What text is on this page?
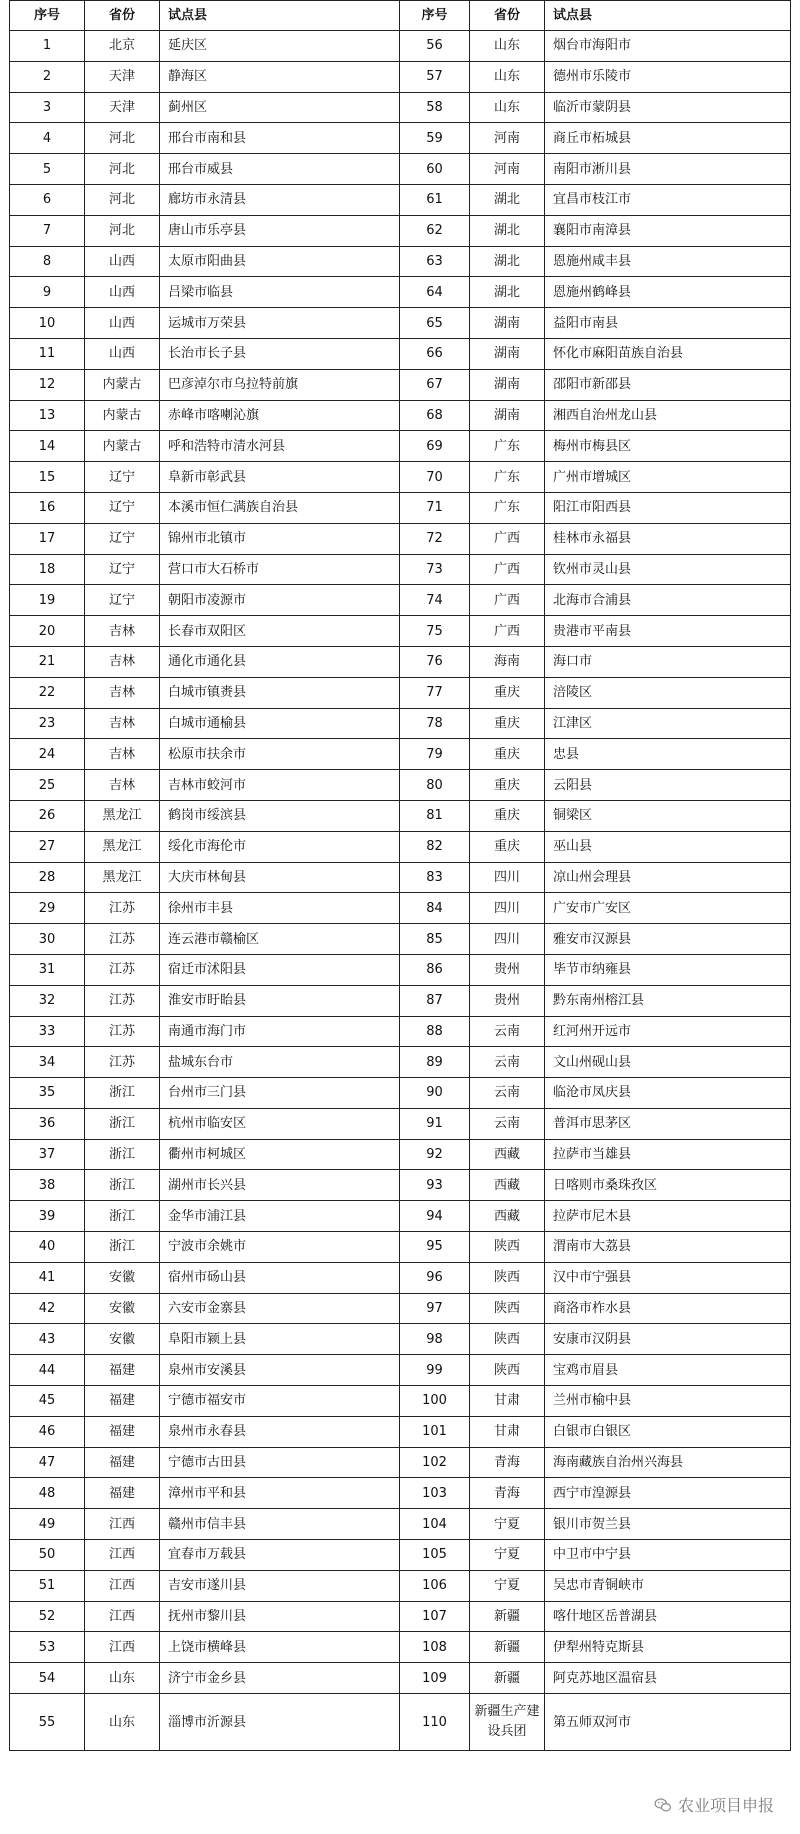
序号	省份	试点县	序号	省份	试点县
1	北京	延庆区	56	山东	烟台市海阳市
2	天津	静海区	57	山东	德州市乐陵市
3	天津	蓟州区	58	山东	临沂市蒙阴县
4	河北	邢台市南和县	59	河南	商丘市柘城县
5	河北	邢台市威县	60	河南	南阳市淅川县
6	河北	廊坊市永清县	61	湖北	宜昌市枝江市
7	河北	唐山市乐亭县	62	湖北	襄阳市南漳县
8	山西	太原市阳曲县	63	湖北	恩施州咸丰县
9	山西	吕梁市临县	64	湖北	恩施州鹤峰县
10	山西	运城市万荣县	65	湖南	益阳市南县
11	山西	长治市长子县	66	湖南	怀化市麻阳苗族自治县
12	内蒙古	巴彦淖尔市乌拉特前旗	67	湖南	邵阳市新邵县
13	内蒙古	赤峰市喀喇沁旗	68	湖南	湘西自治州龙山县
14	内蒙古	呼和浩特市清水河县	69	广东	梅州市梅县区
15	辽宁	阜新市彰武县	70	广东	广州市增城区
16	辽宁	本溪市恒仁满族自治县	71	广东	阳江市阳西县
17	辽宁	锦州市北镇市	72	广西	桂林市永福县
18	辽宁	营口市大石桥市	73	广西	钦州市灵山县
19	辽宁	朝阳市凌源市	74	广西	北海市合浦县
20	吉林	长春市双阳区	75	广西	贵港市平南县
21	吉林	通化市通化县	76	海南	海口市
22	吉林	白城市镇赉县	77	重庆	涪陵区
23	吉林	白城市通榆县	78	重庆	江津区
24	吉林	松原市扶余市	79	重庆	忠县
25	吉林	吉林市蛟河市	80	重庆	云阳县
26	黑龙江	鹤岗市绥滨县	81	重庆	铜梁区
27	黑龙江	绥化市海伦市	82	重庆	巫山县
28	黑龙江	大庆市林甸县	83	四川	凉山州会理县
29	江苏	徐州市丰县	84	四川	广安市广安区
30	江苏	连云港市赣榆区	85	四川	雅安市汉源县
31	江苏	宿迁市沭阳县	86	贵州	毕节市纳雍县
32	江苏	淮安市盱眙县	87	贵州	黔东南州榕江县
33	江苏	南通市海门市	88	云南	红河州开远市
34	江苏	盐城东台市	89	云南	文山州砚山县
35	浙江	台州市三门县	90	云南	临沧市凤庆县
36	浙江	杭州市临安区	91	云南	普洱市思茅区
37	浙江	衢州市柯城区	92	西藏	拉萨市当雄县
38	浙江	湖州市长兴县	93	西藏	日喀则市桑珠孜区
39	浙江	金华市浦江县	94	西藏	拉萨市尼木县
40	浙江	宁波市余姚市	95	陕西	渭南市大荔县
41	安徽	宿州市砀山县	96	陕西	汉中市宁强县
42	安徽	六安市金寨县	97	陕西	商洛市柞水县
43	安徽	阜阳市颍上县	98	陕西	安康市汉阴县
44	福建	泉州市安溪县	99	陕西	宝鸡市眉县
45	福建	宁德市福安市	100	甘肃	兰州市榆中县
46	福建	泉州市永春县	101	甘肃	白银市白银区
47	福建	宁德市古田县	102	青海	海南藏族自治州兴海县
48	福建	漳州市平和县	103	青海	西宁市湟源县
49	江西	赣州市信丰县	104	宁夏	银川市贺兰县
50	江西	宜春市万载县	105	宁夏	中卫市中宁县
51	江西	吉安市遂川县	106	宁夏	吴忠市青铜峡市
52	江西	抚州市黎川县	107	新疆	喀什地区岳普湖县
53	江西	上饶市横峰县	108	新疆	伊犁州特克斯县
54	山东	济宁市金乡县	109	新疆	阿克苏地区温宿县
55	山东	淄博市沂源县	110	新疆生产建设兵团	第五师双河市
农业项目申报
